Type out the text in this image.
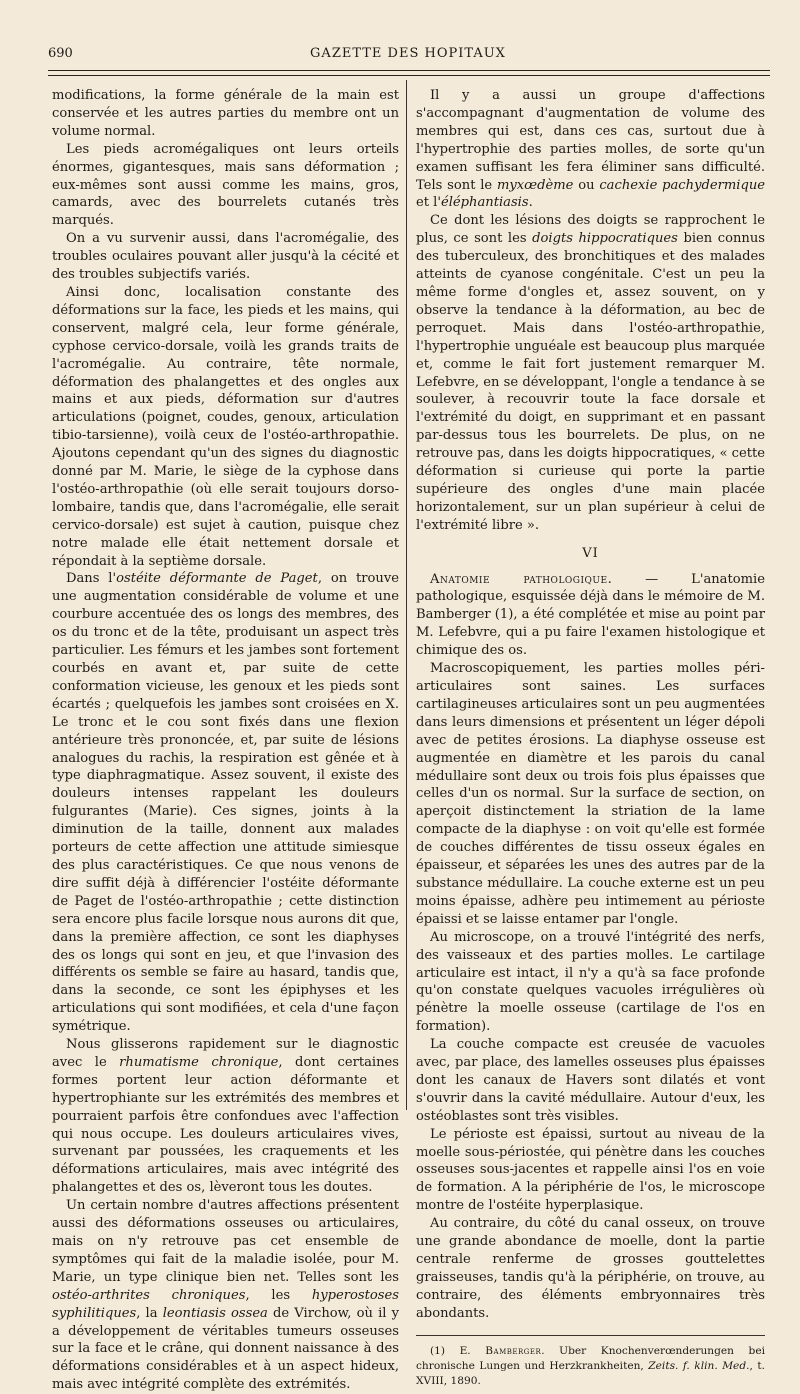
690	GAZETTE DES HOPITAUX

modifications, la forme générale de la main est conservée et les autres parties du membre ont un volume normal.

Les pieds acromégaliques ont leurs orteils énormes, gigantesques, mais sans déformation ; eux-mêmes sont aussi comme les mains, gros, camards, avec des bourrelets cutanés très marqués.

On a vu survenir aussi, dans l'acromégalie, des troubles oculaires pouvant aller jusqu'à la cécité et des troubles subjectifs variés.

Ainsi donc, localisation constante des déformations sur la face, les pieds et les mains, qui conservent, malgré cela, leur forme générale, cyphose cervico-dorsale, voilà les grands traits de l'acromégalie. Au contraire, tête normale, déformation des phalangettes et des ongles aux mains et aux pieds, déformation sur d'autres articulations (poignet, coudes, genoux, articulation tibio-tarsienne), voilà ceux de l'ostéo-arthropathie. Ajoutons cependant qu'un des signes du diagnostic donné par M. Marie, le siège de la cyphose dans l'ostéo-arthropathie (où elle serait toujours dorso-lombaire, tandis que, dans l'acromégalie, elle serait cervico-dorsale) est sujet à caution, puisque chez notre malade elle était nettement dorsale et répondait à la septième dorsale.

Dans l'ostéite déformante de Paget, on trouve une augmentation considérable de volume et une courbure accentuée des os longs des membres, des os du tronc et de la tête, produisant un aspect très particulier. Les fémurs et les jambes sont fortement courbés en avant et, par suite de cette conformation vicieuse, les genoux et les pieds sont écartés ; quelquefois les jambes sont croisées en X. Le tronc et le cou sont fixés dans une flexion antérieure très prononcée, et, par suite de lésions analogues du rachis, la respiration est gênée et à type diaphragmatique. Assez souvent, il existe des douleurs intenses rappelant les douleurs fulgurantes (Marie). Ces signes, joints à la diminution de la taille, donnent aux malades porteurs de cette affection une attitude simiesque des plus caractéristiques. Ce que nous venons de dire suffit déjà à différencier l'ostéite déformante de Paget de l'ostéo-arthropathie ; cette distinction sera encore plus facile lorsque nous aurons dit que, dans la première affection, ce sont les diaphyses des os longs qui sont en jeu, et que l'invasion des différents os semble se faire au hasard, tandis que, dans la seconde, ce sont les épiphyses et les articulations qui sont modifiées, et cela d'une façon symétrique.

Nous glisserons rapidement sur le diagnostic avec le rhumatisme chronique, dont certaines formes portent leur action déformante et hypertrophiante sur les extrémités des membres et pourraient parfois être confondues avec l'affection qui nous occupe. Les douleurs articulaires vives, survenant par poussées, les craquements et les déformations articulaires, mais avec intégrité des phalangettes et des os, lèveront tous les doutes.

Un certain nombre d'autres affections présentent aussi des déformations osseuses ou articulaires, mais on n'y retrouve pas cet ensemble de symptômes qui fait de la maladie isolée, pour M. Marie, un type clinique bien net. Telles sont les ostéo-arthrites chroniques, les hyperostoses syphilitiques, la leontiasis ossea de Virchow, où il y a développement de véritables tumeurs osseuses sur la face et le crâne, qui donnent naissance à des déformations considérables et à un aspect hideux, mais avec intégrité complète des extrémités.

Il y a aussi un groupe d'affections s'accompagnant d'augmentation de volume des membres qui est, dans ces cas, surtout due à l'hypertrophie des parties molles, de sorte qu'un examen suffisant les fera éliminer sans difficulté. Tels sont le myxœdème ou cachexie pachydermique et l'éléphantiasis.

Ce dont les lésions des doigts se rapprochent le plus, ce sont les doigts hippocratiques bien connus des tuberculeux, des bronchitiques et des malades atteints de cyanose congénitale. C'est un peu la même forme d'ongles et, assez souvent, on y observe la tendance à la déformation, au bec de perroquet. Mais dans l'ostéo-arthropathie, l'hypertrophie unguéale est beaucoup plus marquée et, comme le fait fort justement remarquer M. Lefebvre, en se développant, l'ongle a tendance à se soulever, à recouvrir toute la face dorsale et l'extrémité du doigt, en supprimant et en passant par-dessus tous les bourrelets. De plus, on ne retrouve pas, dans les doigts hippocratiques, « cette déformation si curieuse qui porte la partie supérieure des ongles d'une main placée horizontalement, sur un plan supérieur à celui de l'extrémité libre ».

VI

Anatomie pathologique. — L'anatomie pathologique, esquissée déjà dans le mémoire de M. Bamberger (1), a été complétée et mise au point par M. Lefebvre, qui a pu faire l'examen histologique et chimique des os.

Macroscopiquement, les parties molles péri-articulaires sont saines. Les surfaces cartilagineuses articulaires sont un peu augmentées dans leurs dimensions et présentent un léger dépoli avec de petites érosions. La diaphyse osseuse est augmentée en diamètre et les parois du canal médullaire sont deux ou trois fois plus épaisses que celles d'un os normal. Sur la surface de section, on aperçoit distinctement la striation de la lame compacte de la diaphyse : on voit qu'elle est formée de couches différentes de tissu osseux égales en épaisseur, et séparées les unes des autres par de la substance médullaire. La couche externe est un peu moins épaisse, adhère peu intimement au périoste épaissi et se laisse entamer par l'ongle.

Au microscope, on a trouvé l'intégrité des nerfs, des vaisseaux et des parties molles. Le cartilage articulaire est intact, il n'y a qu'à sa face profonde qu'on constate quelques vacuoles irrégulières où pénètre la moelle osseuse (cartilage de l'os en formation).

La couche compacte est creusée de vacuoles avec, par place, des lamelles osseuses plus épaisses dont les canaux de Havers sont dilatés et vont s'ouvrir dans la cavité médullaire. Autour d'eux, les ostéoblastes sont très visibles.

Le périoste est épaissi, surtout au niveau de la moelle sous-périostée, qui pénètre dans les couches osseuses sous-jacentes et rappelle ainsi l'os en voie de formation. A la périphérie de l'os, le microscope montre de l'ostéite hyperplasique.

Au contraire, du côté du canal osseux, on trouve une grande abondance de moelle, dont la partie centrale renferme de grosses gouttelettes graisseuses, tandis qu'à la périphérie, on trouve, au contraire, des éléments embryonnaires très abondants.

(1) E. Bamberger. Uber Knochenverœnderungen bei chronische Lungen und Herzkrankheiten, Zeits. f. klin. Med., t. XVIII, 1890.
